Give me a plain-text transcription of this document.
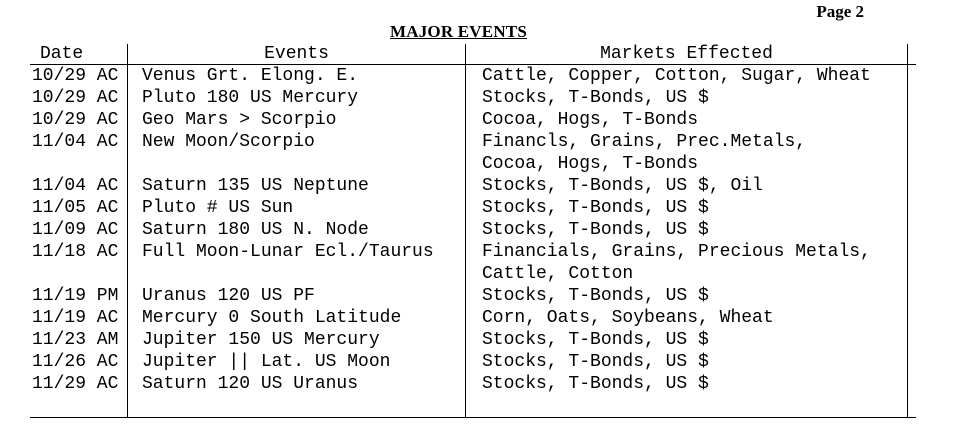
Page 2
MAJOR EVENTS
Date	Events	Markets Effected
10/29 AC	Venus Grt. Elong. E.	Cattle, Copper, Cotton, Sugar, Wheat
10/29 AC	Pluto 180 US Mercury	Stocks, T-Bonds, US $
10/29 AC	Geo Mars > Scorpio	Cocoa, Hogs, T-Bonds
11/04 AC	New Moon/Scorpio	Financls, Grains, Prec.Metals,
Cocoa, Hogs, T-Bonds
11/04 AC	Saturn 135 US Neptune	Stocks, T-Bonds, US $, Oil
11/05 AC	Pluto # US Sun	Stocks, T-Bonds, US $
11/09 AC	Saturn 180 US N. Node	Stocks, T-Bonds, US $
11/18 AC	Full Moon-Lunar Ecl./Taurus	Financials, Grains, Precious Metals,
Cattle, Cotton
11/19 PM	Uranus 120 US PF	Stocks, T-Bonds, US $
11/19 AC	Mercury 0 South Latitude	Corn, Oats, Soybeans, Wheat
11/23 AM	Jupiter 150 US Mercury	Stocks, T-Bonds, US $
11/26 AC	Jupiter || Lat. US Moon	Stocks, T-Bonds, US $
11/29 AC	Saturn 120 US Uranus	Stocks, T-Bonds, US $
